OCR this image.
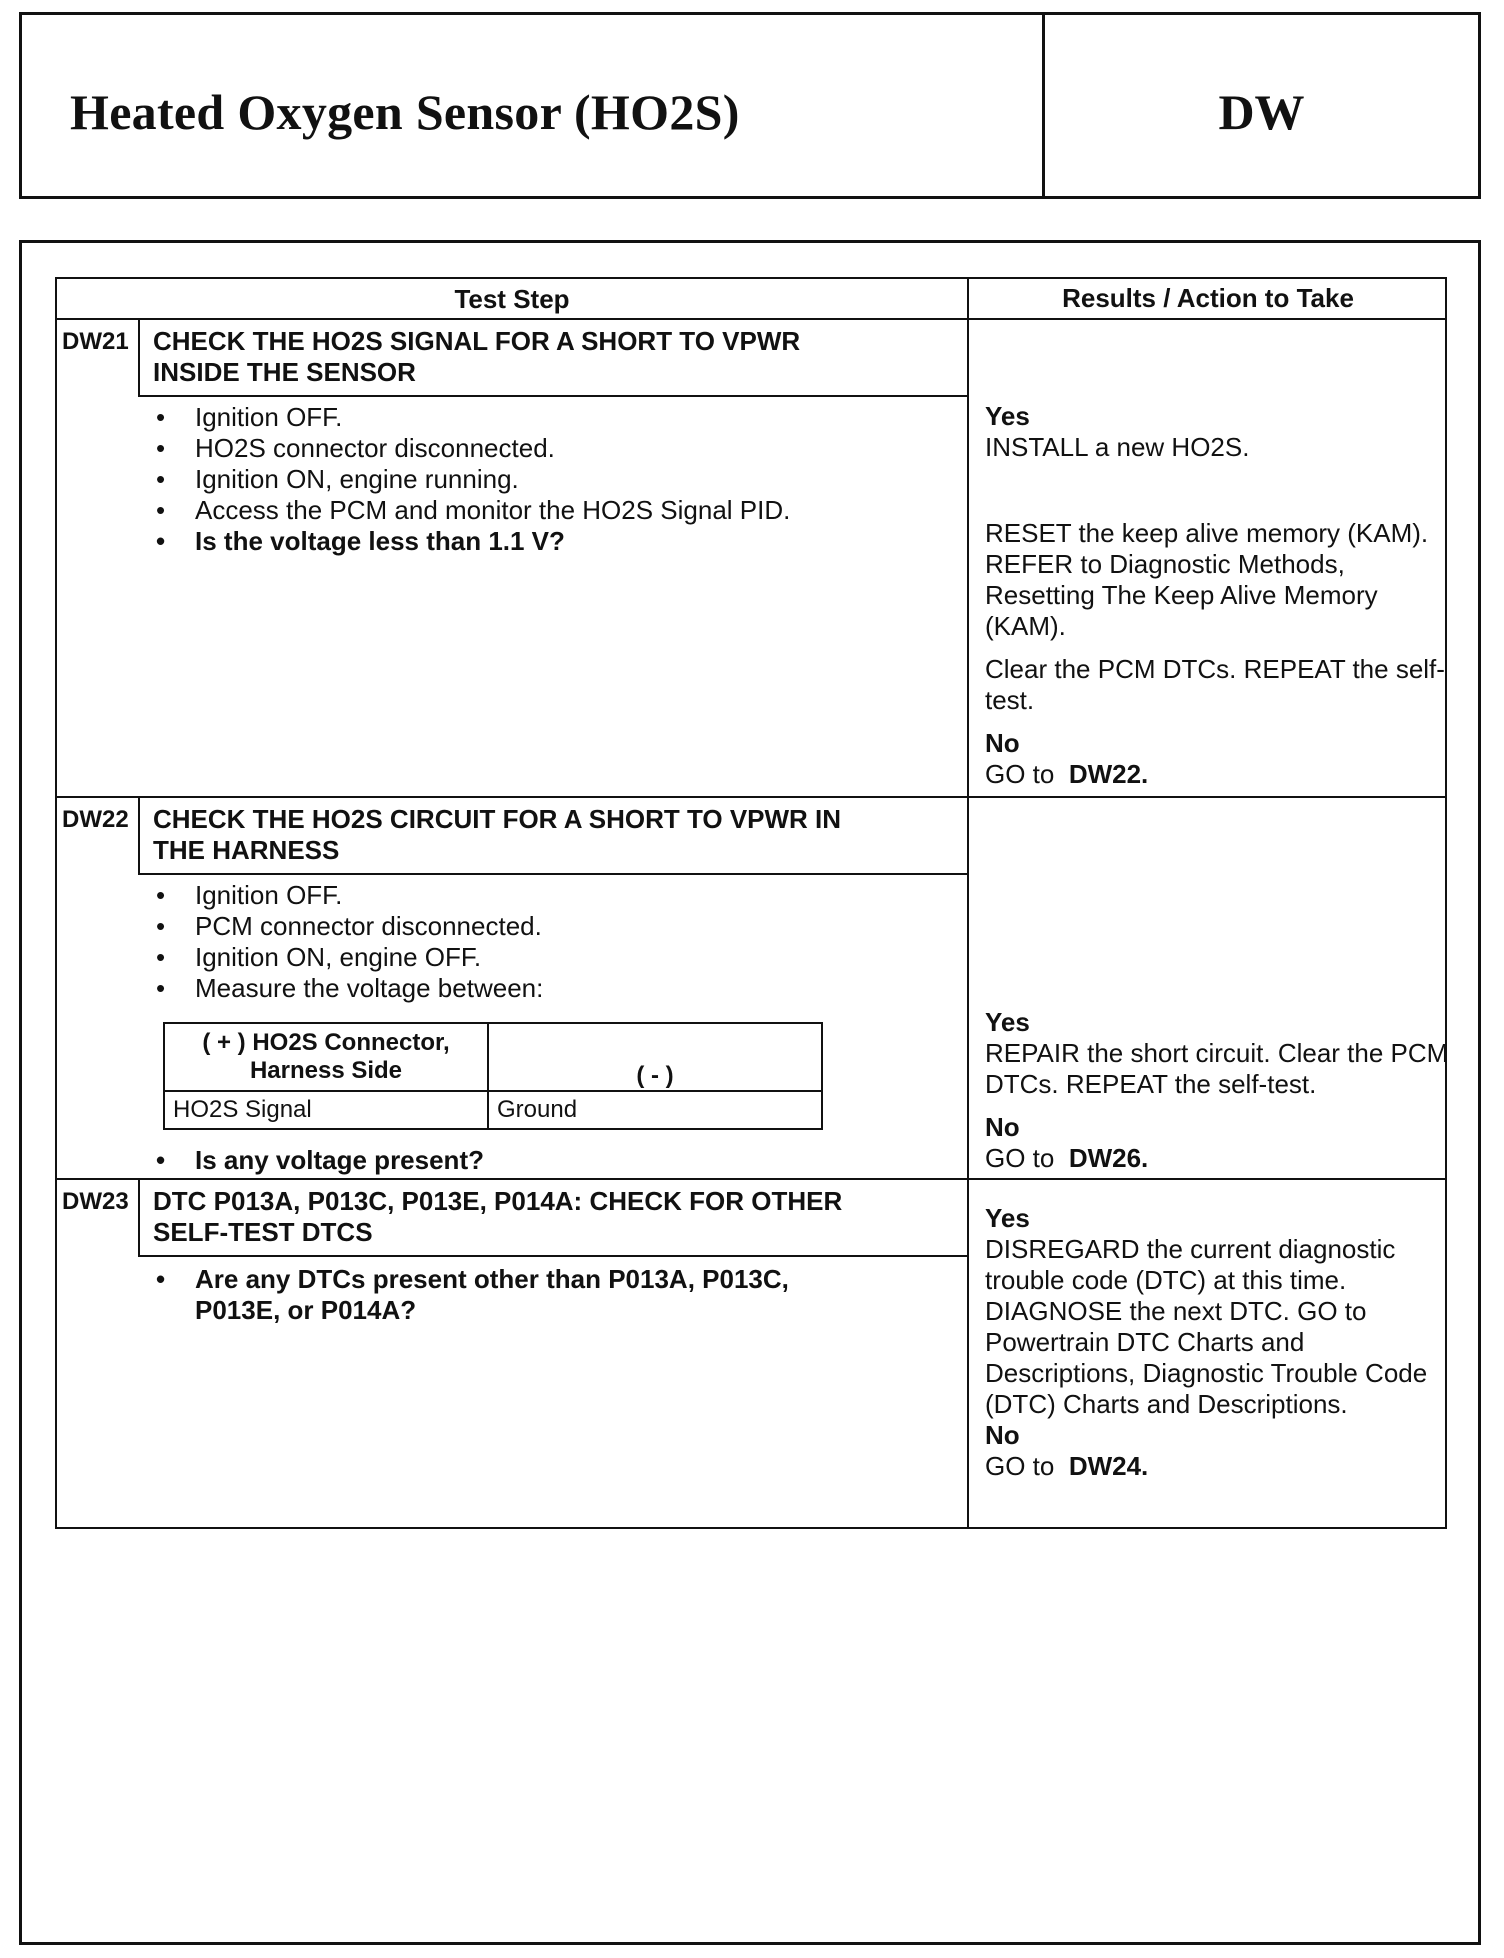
Heated Oxygen Sensor (HO2S)	DW
Test Step	Results / Action to Take
DW21 CHECK THE HO2S SIGNAL FOR A SHORT TO VPWR
INSIDE THE SENSOR
• Ignition OFF.
• HO2S connector disconnected.
• Ignition ON, engine running.
• Access the PCM and monitor the HO2S Signal PID.
• Is the voltage less than 1.1 V?

Yes

INSTALL a new HO2S.

RESET the keep alive memory (KAM). REFER to Diagnostic Methods, Resetting The Keep Alive Memory (KAM).

Clear the PCM DTCs. REPEAT the self-test.

No

GO to DW22.

DW22 CHECK THE HO2S CIRCUIT FOR A SHORT TO VPWR IN
THE HARNESS
• Ignition OFF.
• PCM connector disconnected.
• Ignition ON, engine OFF.
• Measure the voltage between:
( + ) HO2S Connector,
Harness Side	( - )
HO2S Signal	Ground
• Is any voltage present?

Yes

REPAIR the short circuit. Clear the PCM DTCs. REPEAT the self-test.

No

GO to DW26.

DW23 DTC P013A, P013C, P013E, P014A: CHECK FOR OTHER
SELF-TEST DTCS
• Are any DTCs present other than P013A, P013C,
P013E, or P014A?

Yes

DISREGARD the current diagnostic trouble code (DTC) at this time. DIAGNOSE the next DTC. GO to Powertrain DTC Charts and Descriptions, Diagnostic Trouble Code (DTC) Charts and Descriptions.

No

GO to DW24.
